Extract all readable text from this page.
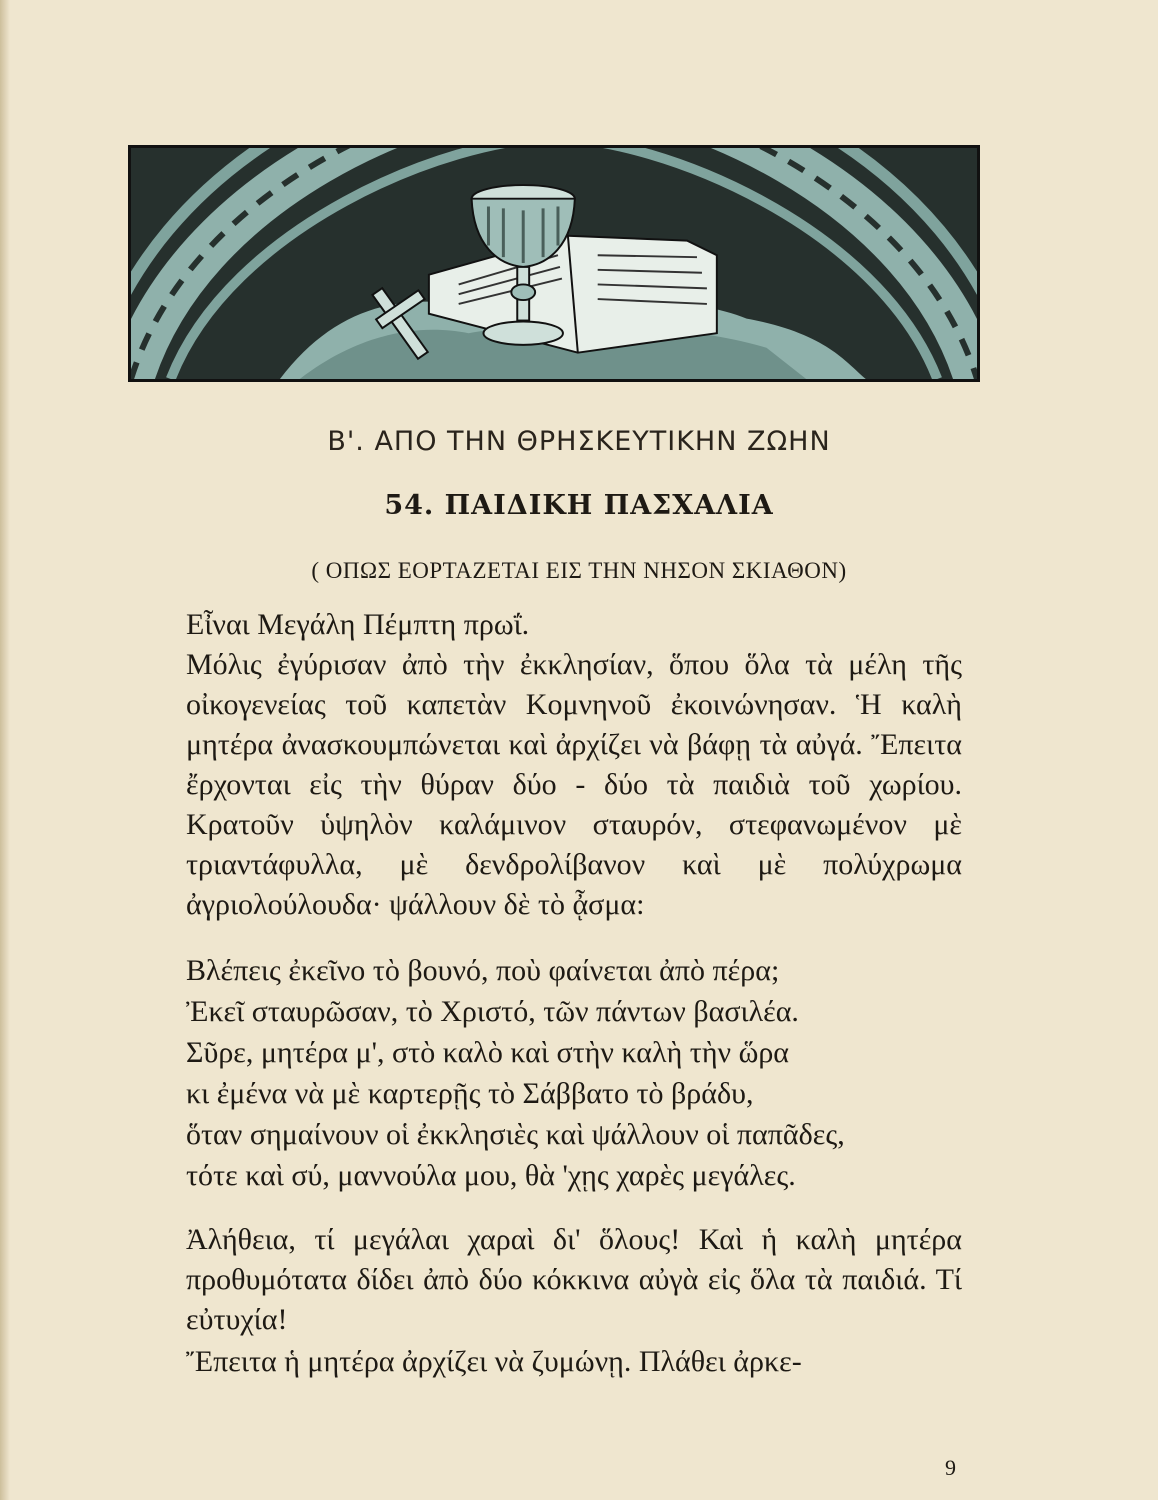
Β'. ΑΠΟ ΤΗΝ ΘΡΗΣΚΕΥΤΙΚΗΝ ΖΩΗΝ
54. ΠΑΙΔΙΚΗ ΠΑΣΧΑΛΙΑ
( ΟΠΩΣ ΕΟΡΤΑΖΕΤΑΙ ΕΙΣ ΤΗΝ ΝΗΣΟΝ ΣΚΙΑΘΟΝ)
Εἶναι Μεγάλη Πέμπτη πρωΐ.
Μόλις ἐγύρισαν ἀπὸ τὴν ἐκκλησίαν, ὅπου ὅλα τὰ μέλη τῆς οἰκογενείας τοῦ καπετὰν Κομνηνοῦ ἐκοινώνησαν. Ἡ καλὴ μητέρα ἀνασκουμπώνεται καὶ ἀρχίζει νὰ βάφῃ τὰ αὐγά. Ἔπειτα ἔρχονται εἰς τὴν θύραν δύο - δύο τὰ παιδιὰ τοῦ χωρίου. Κρατοῦν ὑψηλὸν καλάμινον σταυρόν, στεφανωμένον μὲ τριαντάφυλλα, μὲ δενδρολίβανον καὶ μὲ πολύχρωμα ἀγριολούλουδα· ψάλλουν δὲ τὸ ᾆσμα:
Βλέπεις ἐκεῖνο τὸ βουνό, ποὺ φαίνεται ἀπὸ πέρα;
Ἐκεῖ σταυρῶσαν, τὸ Χριστό, τῶν πάντων βασιλέα.
Σῦρε, μητέρα μ', στὸ καλὸ καὶ στὴν καλὴ τὴν ὥρα
κι ἐμένα νὰ μὲ καρτερῇς τὸ Σάββατο τὸ βράδυ,
ὅταν σημαίνουν οἱ ἐκκλησιὲς καὶ ψάλλουν οἱ παπᾶδες,
τότε καὶ σύ, μαννούλα μου, θὰ 'χῃς χαρὲς μεγάλες.
Ἀλήθεια, τί μεγάλαι χαραὶ δι' ὅλους! Καὶ ἡ καλὴ μητέρα προθυμότατα δίδει ἀπὸ δύο κόκκινα αὐγὰ εἰς ὅλα τὰ παιδιά. Τί εὐτυχία!
Ἔπειτα ἡ μητέρα ἀρχίζει νὰ ζυμώνῃ. Πλάθει ἀρκε-
9
